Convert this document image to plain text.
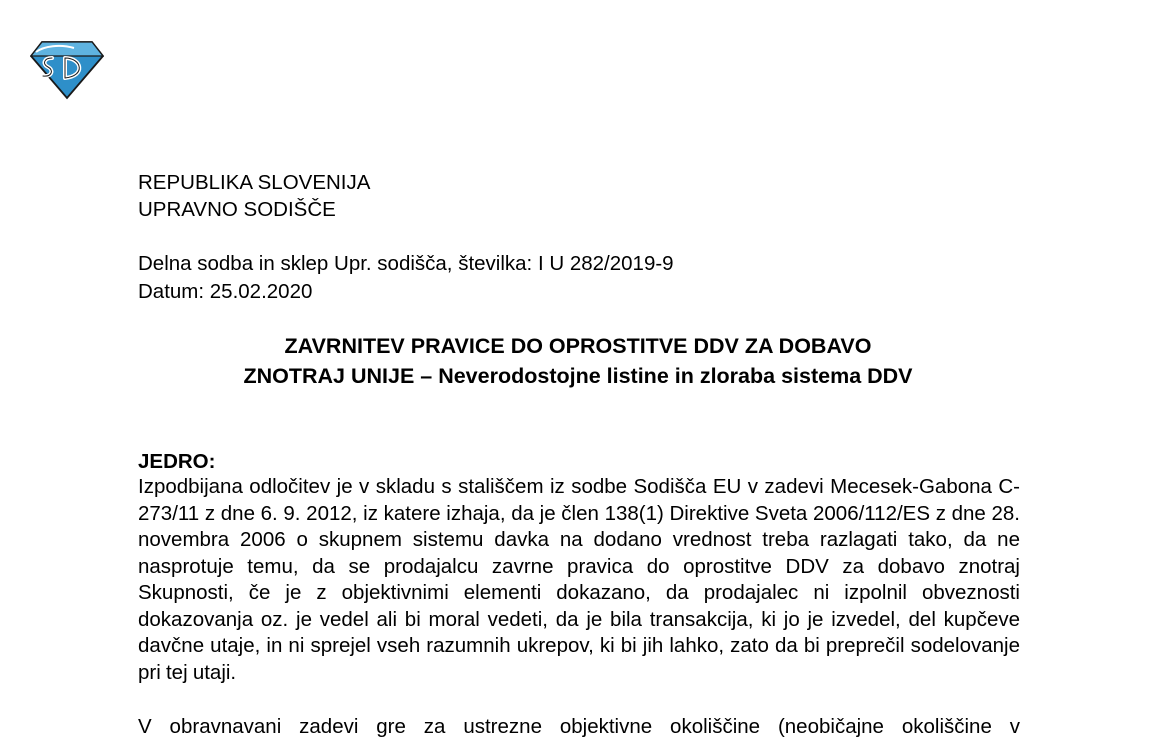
REPUBLIKA SLOVENIJA
UPRAVNO SODIŠČE
Delna sodba in sklep Upr. sodišča, številka: I U 282/2019-9
Datum: 25.02.2020
ZAVRNITEV PRAVICE DO OPROSTITVE DDV ZA DOBAVO
ZNOTRAJ UNIJE – Neverodostojne listine in zloraba sistema DDV
JEDRO:

Izpodbijana odločitev je v skladu s stališčem iz sodbe Sodišča EU v zadevi Mecesek-Gabona C-273/11 z dne 6. 9. 2012, iz katere izhaja, da je člen 138(1) Direktive Sveta 2006/112/ES z dne 28. novembra 2006 o skupnem sistemu davka na dodano vrednost treba razlagati tako, da ne nasprotuje temu, da se prodajalcu zavrne pravica do oprostitve DDV za dobavo znotraj Skupnosti, če je z objektivnimi elementi dokazano, da prodajalec ni izpolnil obveznosti dokazovanja oz. je vedel ali bi moral vedeti, da je bila transakcija, ki jo je izvedel, del kupčeve davčne utaje, in ni sprejel vseh razumnih ukrepov, ki bi jih lahko, zato da bi preprečil sodelovanje pri tej utaji.

V obravnavani zadevi gre za ustrezne objektivne okoliščine (neobičajne okoliščine v
